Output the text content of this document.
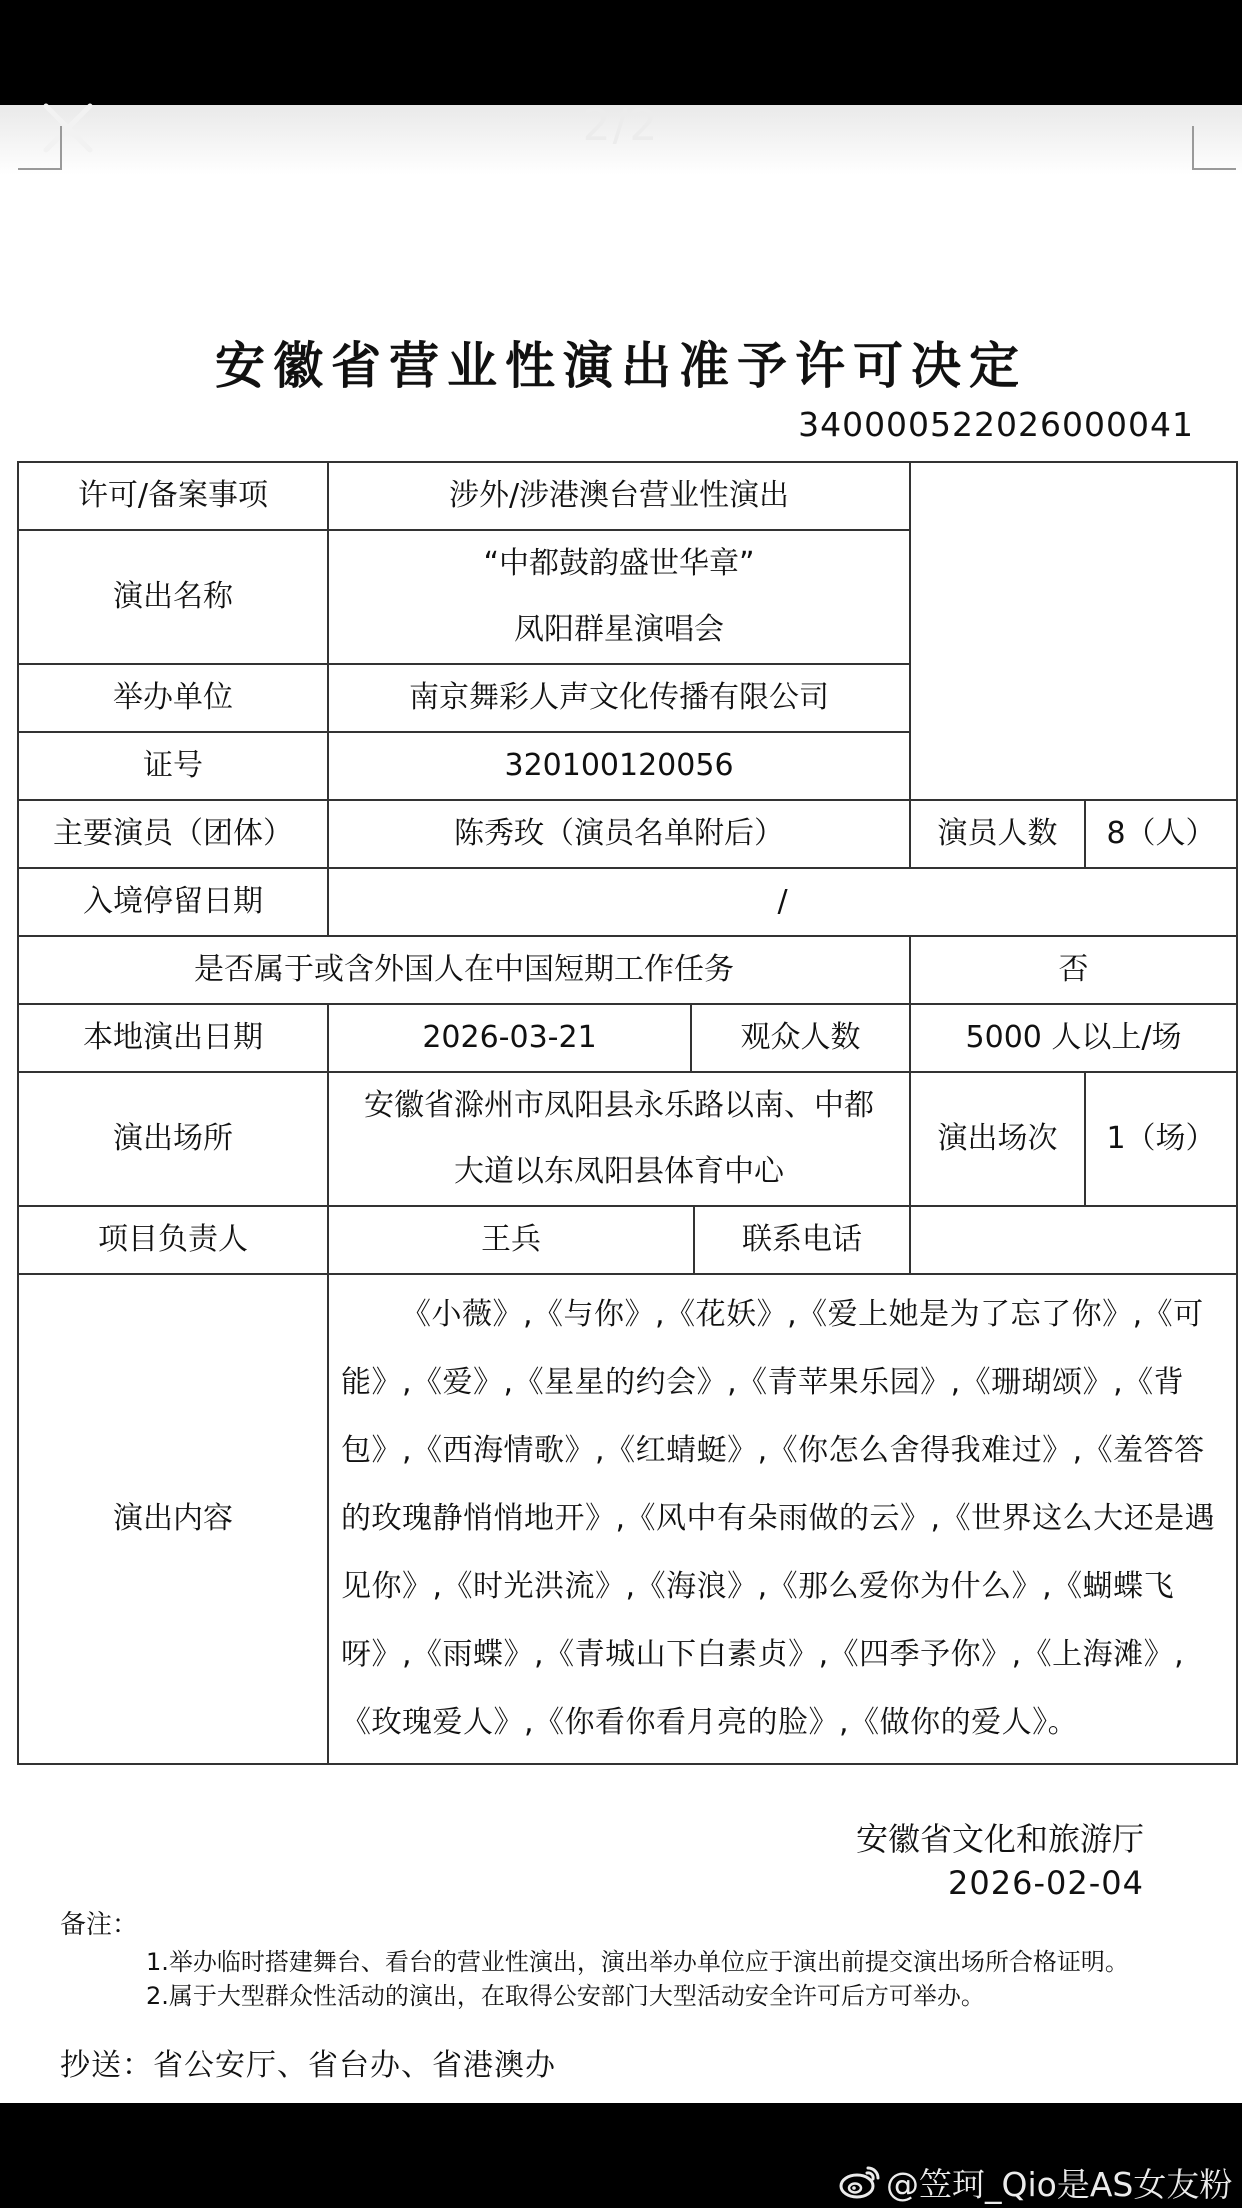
2/2
安徽省营业性演出准予许可决定
340000522026000041
许可/备案事项	涉外/涉港澳台营业性演出				
演出名称	“中都鼓韵盛世华章”
凤阳群星演唱会				

举办单位	南京舞彩人声文化传播有限公司				
证号	320100120056				
主要演员（团体）	陈秀玫（演员名单附后）			演员人数	8（人）
入境停留日期	/				
是否属于或含外国人在中国短期工作任务				否	
本地演出日期	2026-03-21	观众人数		5000 人以上/场	
演出场所	安徽省滁州市凤阳县永乐路以南、中都
大道以东凤阳县体育中心			演出场次	1（场）
项目负责人	王兵		联系电话		
演出内容	《小薇》,《与你》,《花妖》,《爱上她是为了忘了你》,《可能》,《爱》,《星星的约会》,《青苹果乐园》,《珊瑚颂》,《背包》,《西海情歌》,《红蜻蜓》,《你怎么舍得我难过》,《羞答答的玫瑰静悄悄地开》,《风中有朵雨做的云》,《世界这么大还是遇见你》,《时光洪流》,《海浪》,《那么爱你为什么》,《蝴蝶飞呀》,《雨蝶》,《青城山下白素贞》,《四季予你》,《上海滩》,《玫瑰爱人》,《你看你看月亮的脸》,《做你的爱人》。				
安徽省文化和旅游厅
2026-02-04
备注：
1.举办临时搭建舞台、看台的营业性演出，演出举办单位应于演出前提交演出场所合格证明。
2.属于大型群众性活动的演出，在取得公安部门大型活动安全许可后方可举办。
抄送：省公安厅、省台办、省港澳办
@笠珂_Qio是AS女友粉
